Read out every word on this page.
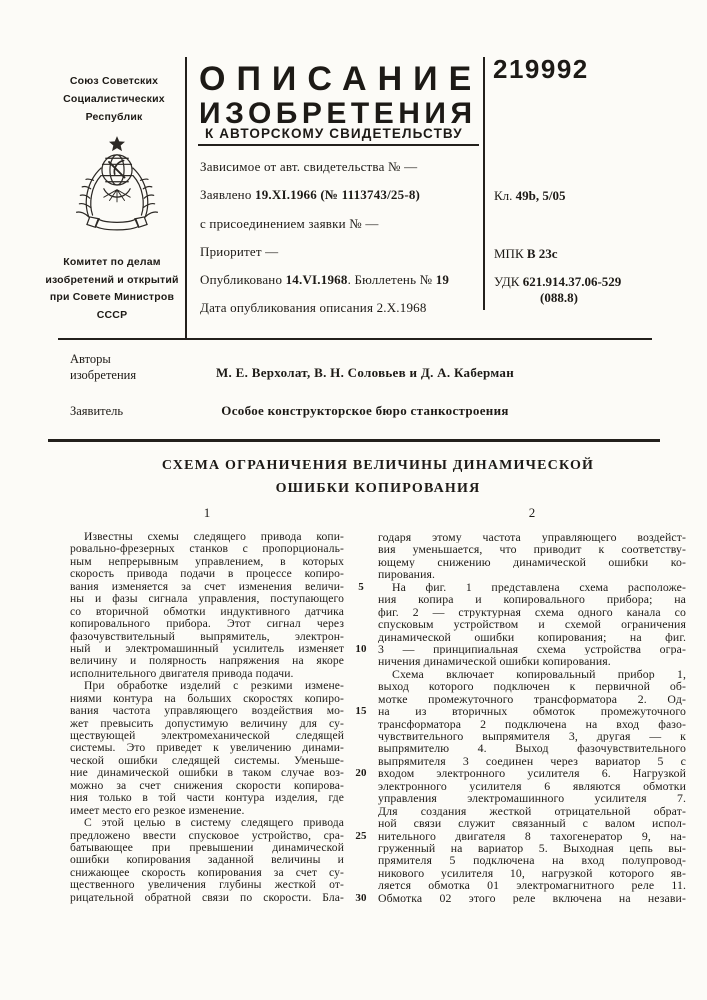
Союз Советских
Социалистических
Республик
Комитет по делам
изобретений и открытий
при Совете Министров
СССР
ОПИСАНИЕ
ИЗОБРЕТЕНИЯ
К АВТОРСКОМУ СВИДЕТЕЛЬСТВУ
219992
Зависимое от авт. свидетельства № —
Заявлено 19.XI.1966 (№ 1113743/25-8)
с присоединением заявки № —
Приоритет —
Опубликовано 14.VI.1968. Бюллетень № 19
Дата опубликования описания 2.X.1968
Кл. 49b, 5/05
МПК В 23c
УДК 621.914.37.06-529
(088.8)
Авторы
изобретения	М. Е. Верхолат, В. Н. Соловьев и Д. А. Каберман
Заявитель	Особое конструкторское бюро станкостроения
СХЕМА ОГРАНИЧЕНИЯ ВЕЛИЧИНЫ ДИНАМИЧЕСКОЙ
ОШИБКИ КОПИРОВАНИЯ
1	2
Известны схемы следящего привода копи-
ровально-фрезерных станков с пропорциональ-
ным непрерывным управлением, в которых
скорость привода подачи в процессе копиро-
вания изменяется за счет изменения величи-
ны и фазы сигнала управления, поступающего
со вторичной обмотки индуктивного датчика
копировального прибора. Этот сигнал через
фазочувствительный выпрямитель, электрон-
ный и электромашинный усилитель изменяет
величину и полярность напряжения на якоре
исполнительного двигателя привода подачи.
При обработке изделий с резкими измене-
ниями контура на больших скоростях копиро-
вания частота управляющего воздействия мо-
жет превысить допустимую величину для су-
ществующей электромеханической следящей
системы. Это приведет к увеличению динами-
ческой ошибки следящей системы. Уменьше-
ние динамической ошибки в таком случае воз-
можно за счет снижения скорости копирова-
ния только в той части контура изделия, где
имеет место его резкое изменение.
С этой целью в систему следящего привода
предложено ввести спусковое устройство, сра-
батывающее при превышении динамической
ошибки копирования заданной величины и
снижающее скорость копирования за счет су-
щественного увеличения глубины жесткой от-
рицательной обратной связи по скорости. Бла-
5
10
15
20
25
30
годаря этому частота управляющего воздейст-
вия уменьшается, что приводит к соответству-
ющему снижению динамической ошибки ко-
пирования.
На фиг. 1 представлена схема расположе-
ния копира и копировального прибора; на
фиг. 2 — структурная схема одного канала со
спусковым устройством и схемой ограничения
динамической ошибки копирования; на фиг.
3 — принципиальная схема устройства огра-
ничения динамической ошибки копирования.
Схема включает копировальный прибор 1,
выход которого подключен к первичной об-
мотке промежуточного трансформатора 2. Од-
на из вторичных обмоток промежуточного
трансформатора 2 подключена на вход фазо-
чувствительного выпрямителя 3, другая — к
выпрямителю 4. Выход фазочувствительного
выпрямителя 3 соединен через вариатор 5 с
входом электронного усилителя 6. Нагрузкой
электронного усилителя 6 являются обмотки
управления электромашинного усилителя 7.
Для создания жесткой отрицательной обрат-
ной связи служит связанный с валом испол-
нительного двигателя 8 тахогенератор 9, на-
груженный на вариатор 5. Выходная цепь вы-
прямителя 5 подключена на вход полупровод-
никового усилителя 10, нагрузкой которого яв-
ляется обмотка 01 электромагнитного реле 11.
Обмотка 02 этого реле включена на незави-
